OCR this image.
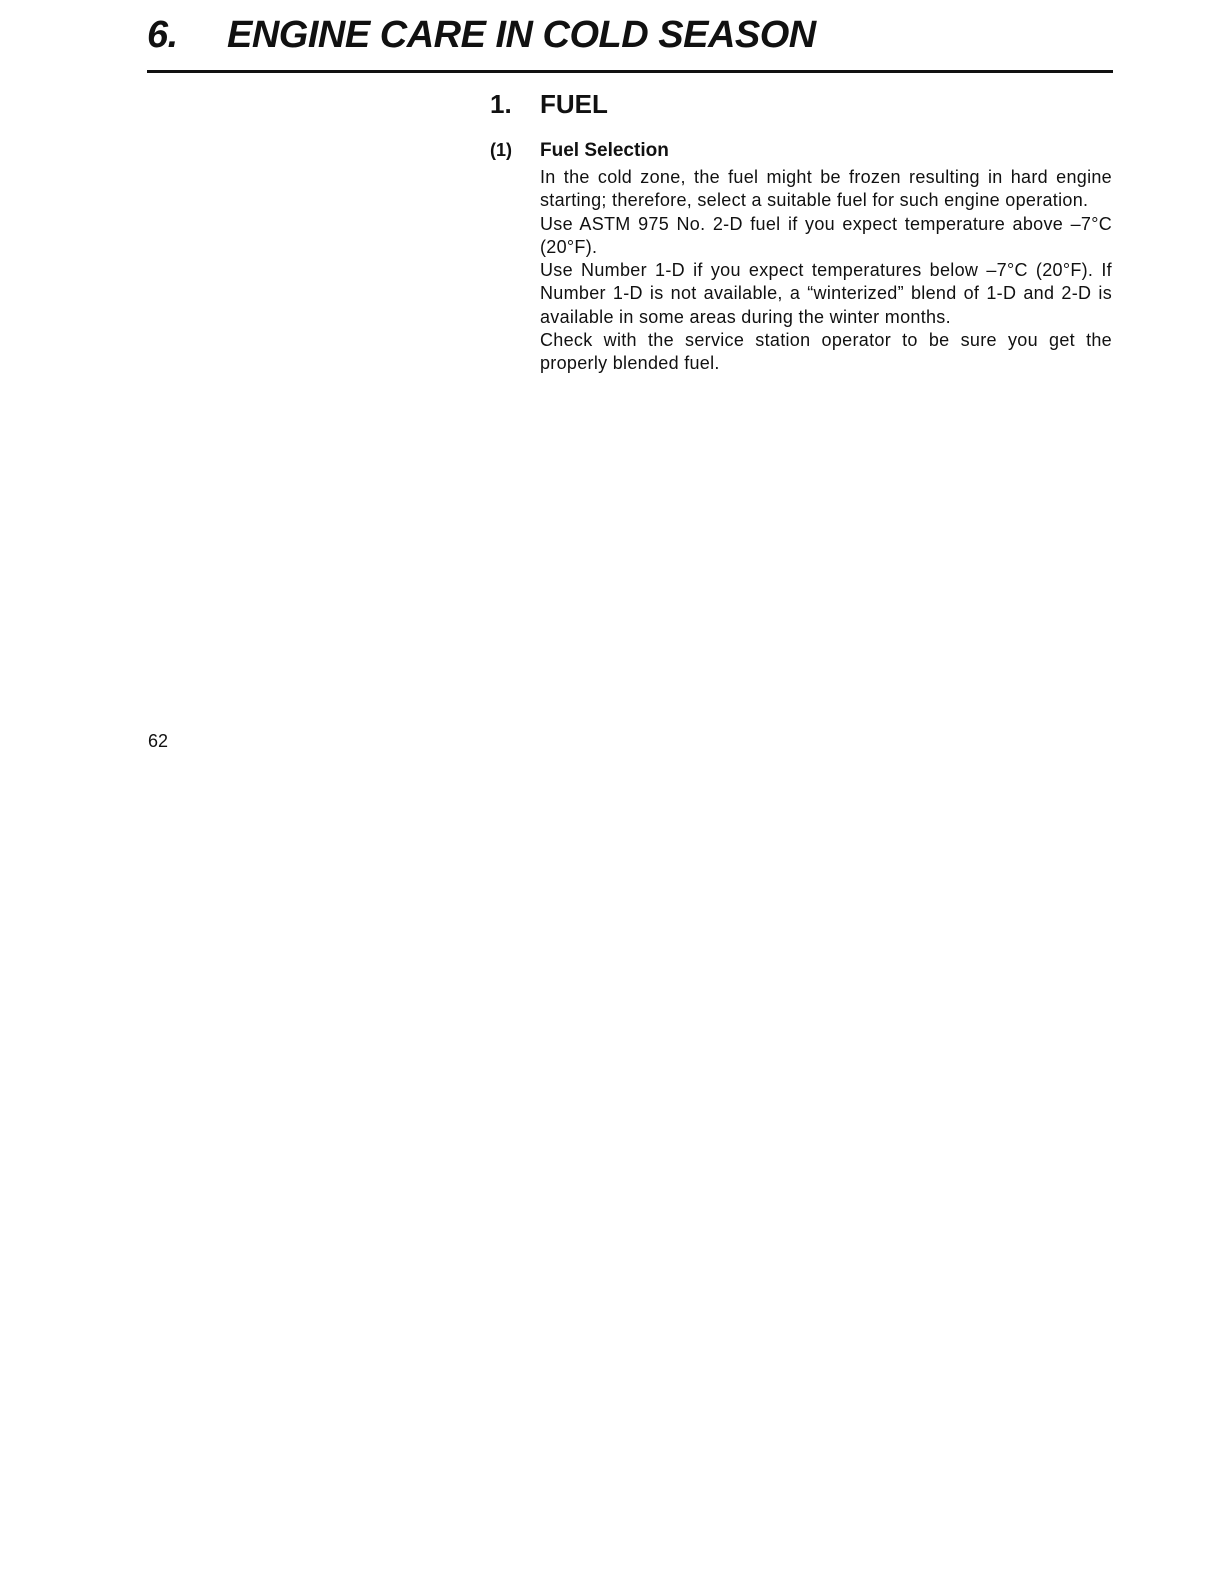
6. ENGINE CARE IN COLD SEASON
1. FUEL
(1) Fuel Selection

In the cold zone, the fuel might be frozen resulting in hard engine starting; therefore, select a suitable fuel for such engine operation.

Use ASTM 975 No. 2-D fuel if you expect temperature above –7°C (20°F).

Use Number 1-D if you expect temperatures below –7°C (20°F). If Number 1-D is not available, a “winterized” blend of 1-D and 2-D is available in some areas during the winter months.

Check with the service station operator to be sure you get the properly blended fuel.

62
